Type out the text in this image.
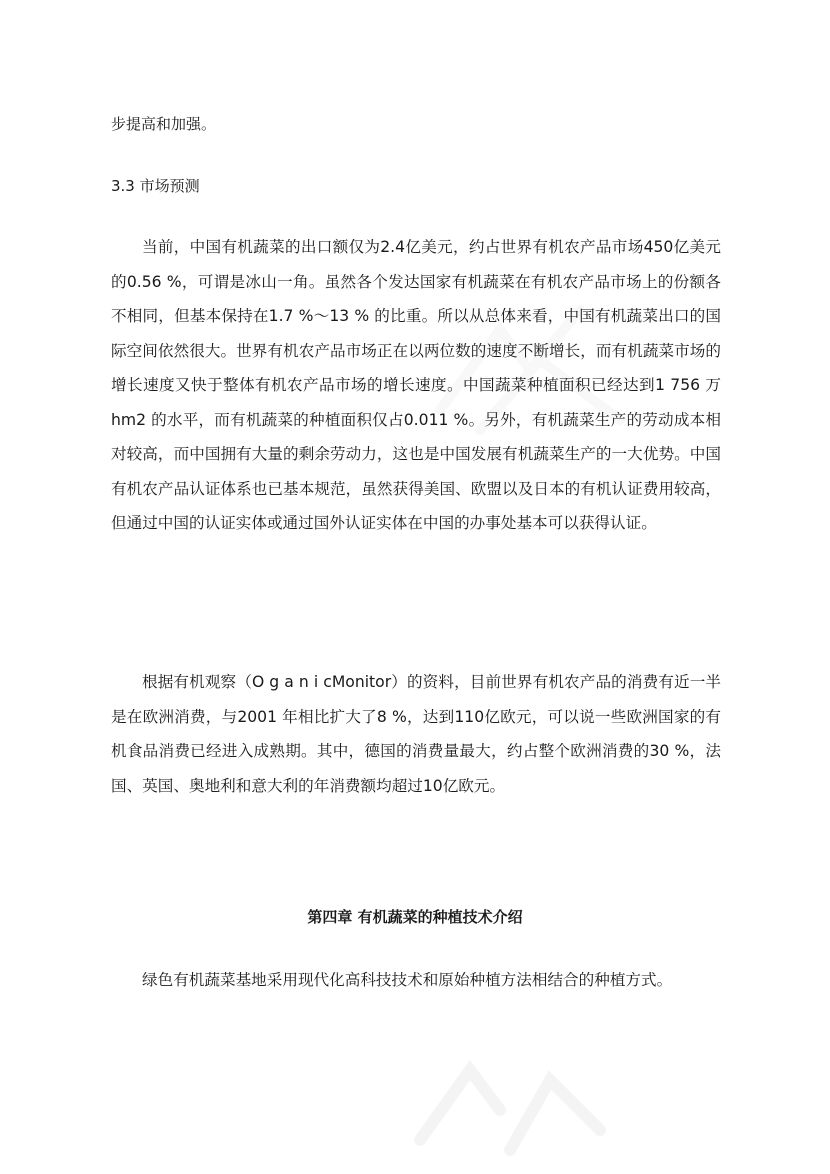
步提高和加强。
3.3 市场预测

当前，中国有机蔬菜的出口额仅为2.4亿美元，约占世界有机农产品市场450亿美元的0.56 %，可谓是冰山一角。虽然各个发达国家有机蔬菜在有机农产品市场上的份额各不相同，但基本保持在1.7 %～13 % 的比重。所以从总体来看，中国有机蔬菜出口的国际空间依然很大。世界有机农产品市场正在以两位数的速度不断增长，而有机蔬菜市场的增长速度又快于整体有机农产品市场的增长速度。中国蔬菜种植面积已经达到1 756 万hm2 的水平，而有机蔬菜的种植面积仅占0.011 %。另外，有机蔬菜生产的劳动成本相对较高，而中国拥有大量的剩余劳动力，这也是中国发展有机蔬菜生产的一大优势。中国有机农产品认证体系也已基本规范，虽然获得美国、欧盟以及日本的有机认证费用较高，但通过中国的认证实体或通过国外认证实体在中国的办事处基本可以获得认证。

根据有机观察（O g a n i cMonitor）的资料，目前世界有机农产品的消费有近一半是在欧洲消费，与2001 年相比扩大了8 %，达到110亿欧元，可以说一些欧洲国家的有机食品消费已经进入成熟期。其中，德国的消费量最大，约占整个欧洲消费的30 %，法国、英国、奥地利和意大利的年消费额均超过10亿欧元。

第四章 有机蔬菜的种植技术介绍

绿色有机蔬菜基地采用现代化高科技技术和原始种植方法相结合的种植方式。
